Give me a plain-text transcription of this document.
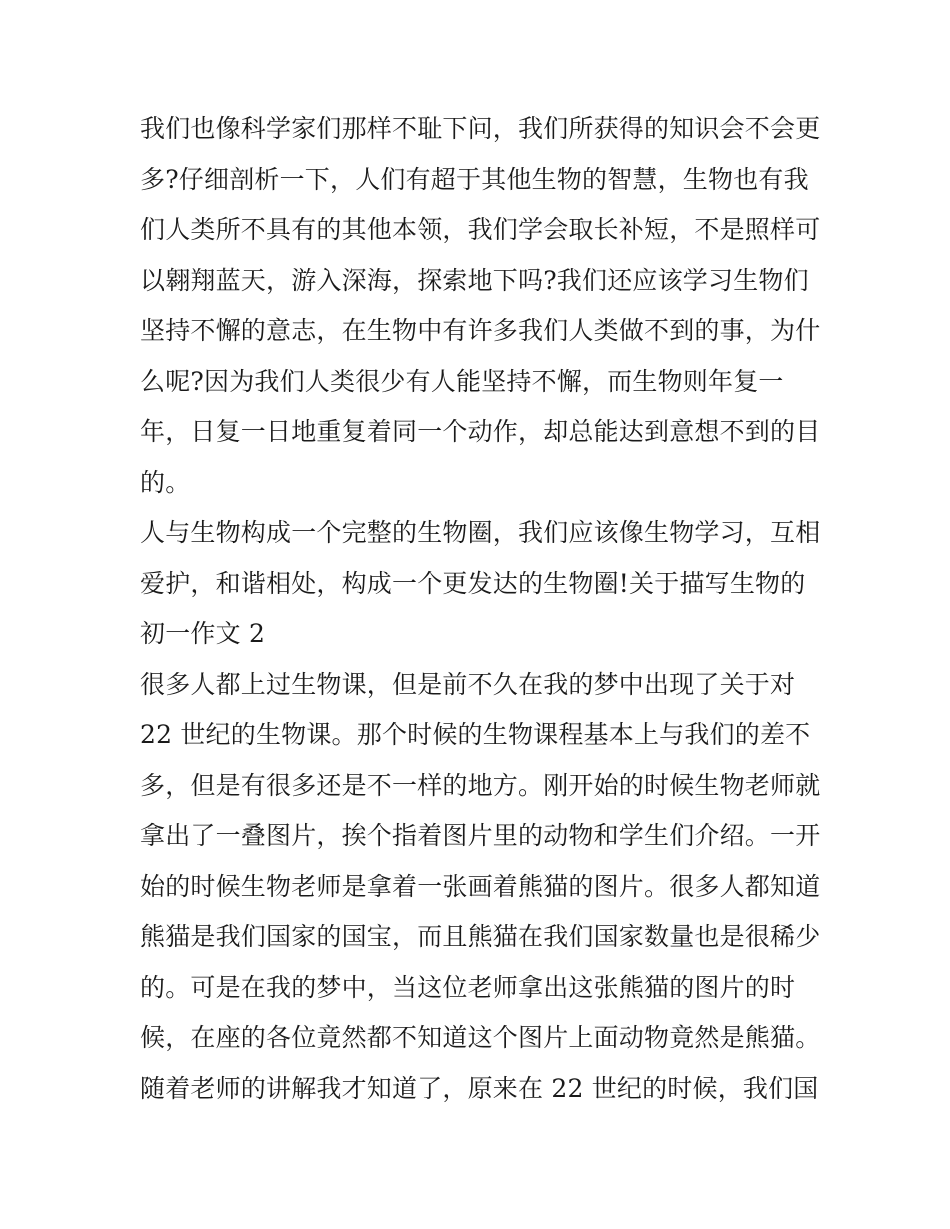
我们也像科学家们那样不耻下问，我们所获得的知识会不会更
多?仔细剖析一下，人们有超于其他生物的智慧，生物也有我
们人类所不具有的其他本领，我们学会取长补短，不是照样可
以翱翔蓝天，游入深海，探索地下吗?我们还应该学习生物们
坚持不懈的意志，在生物中有许多我们人类做不到的事，为什
么呢?因为我们人类很少有人能坚持不懈，而生物则年复一
年，日复一日地重复着同一个动作，却总能达到意想不到的目
的。
人与生物构成一个完整的生物圈，我们应该像生物学习，互相
爱护，和谐相处，构成一个更发达的生物圈!关于描写生物的
初一作文 2
很多人都上过生物课，但是前不久在我的梦中出现了关于对
22 世纪的生物课。那个时候的生物课程基本上与我们的差不
多，但是有很多还是不一样的地方。刚开始的时候生物老师就
拿出了一叠图片，挨个指着图片里的动物和学生们介绍。一开
始的时候生物老师是拿着一张画着熊猫的图片。很多人都知道
熊猫是我们国家的国宝，而且熊猫在我们国家数量也是很稀少
的。可是在我的梦中，当这位老师拿出这张熊猫的图片的时
候，在座的各位竟然都不知道这个图片上面动物竟然是熊猫。
随着老师的讲解我才知道了，原来在 22 世纪的时候，我们国
